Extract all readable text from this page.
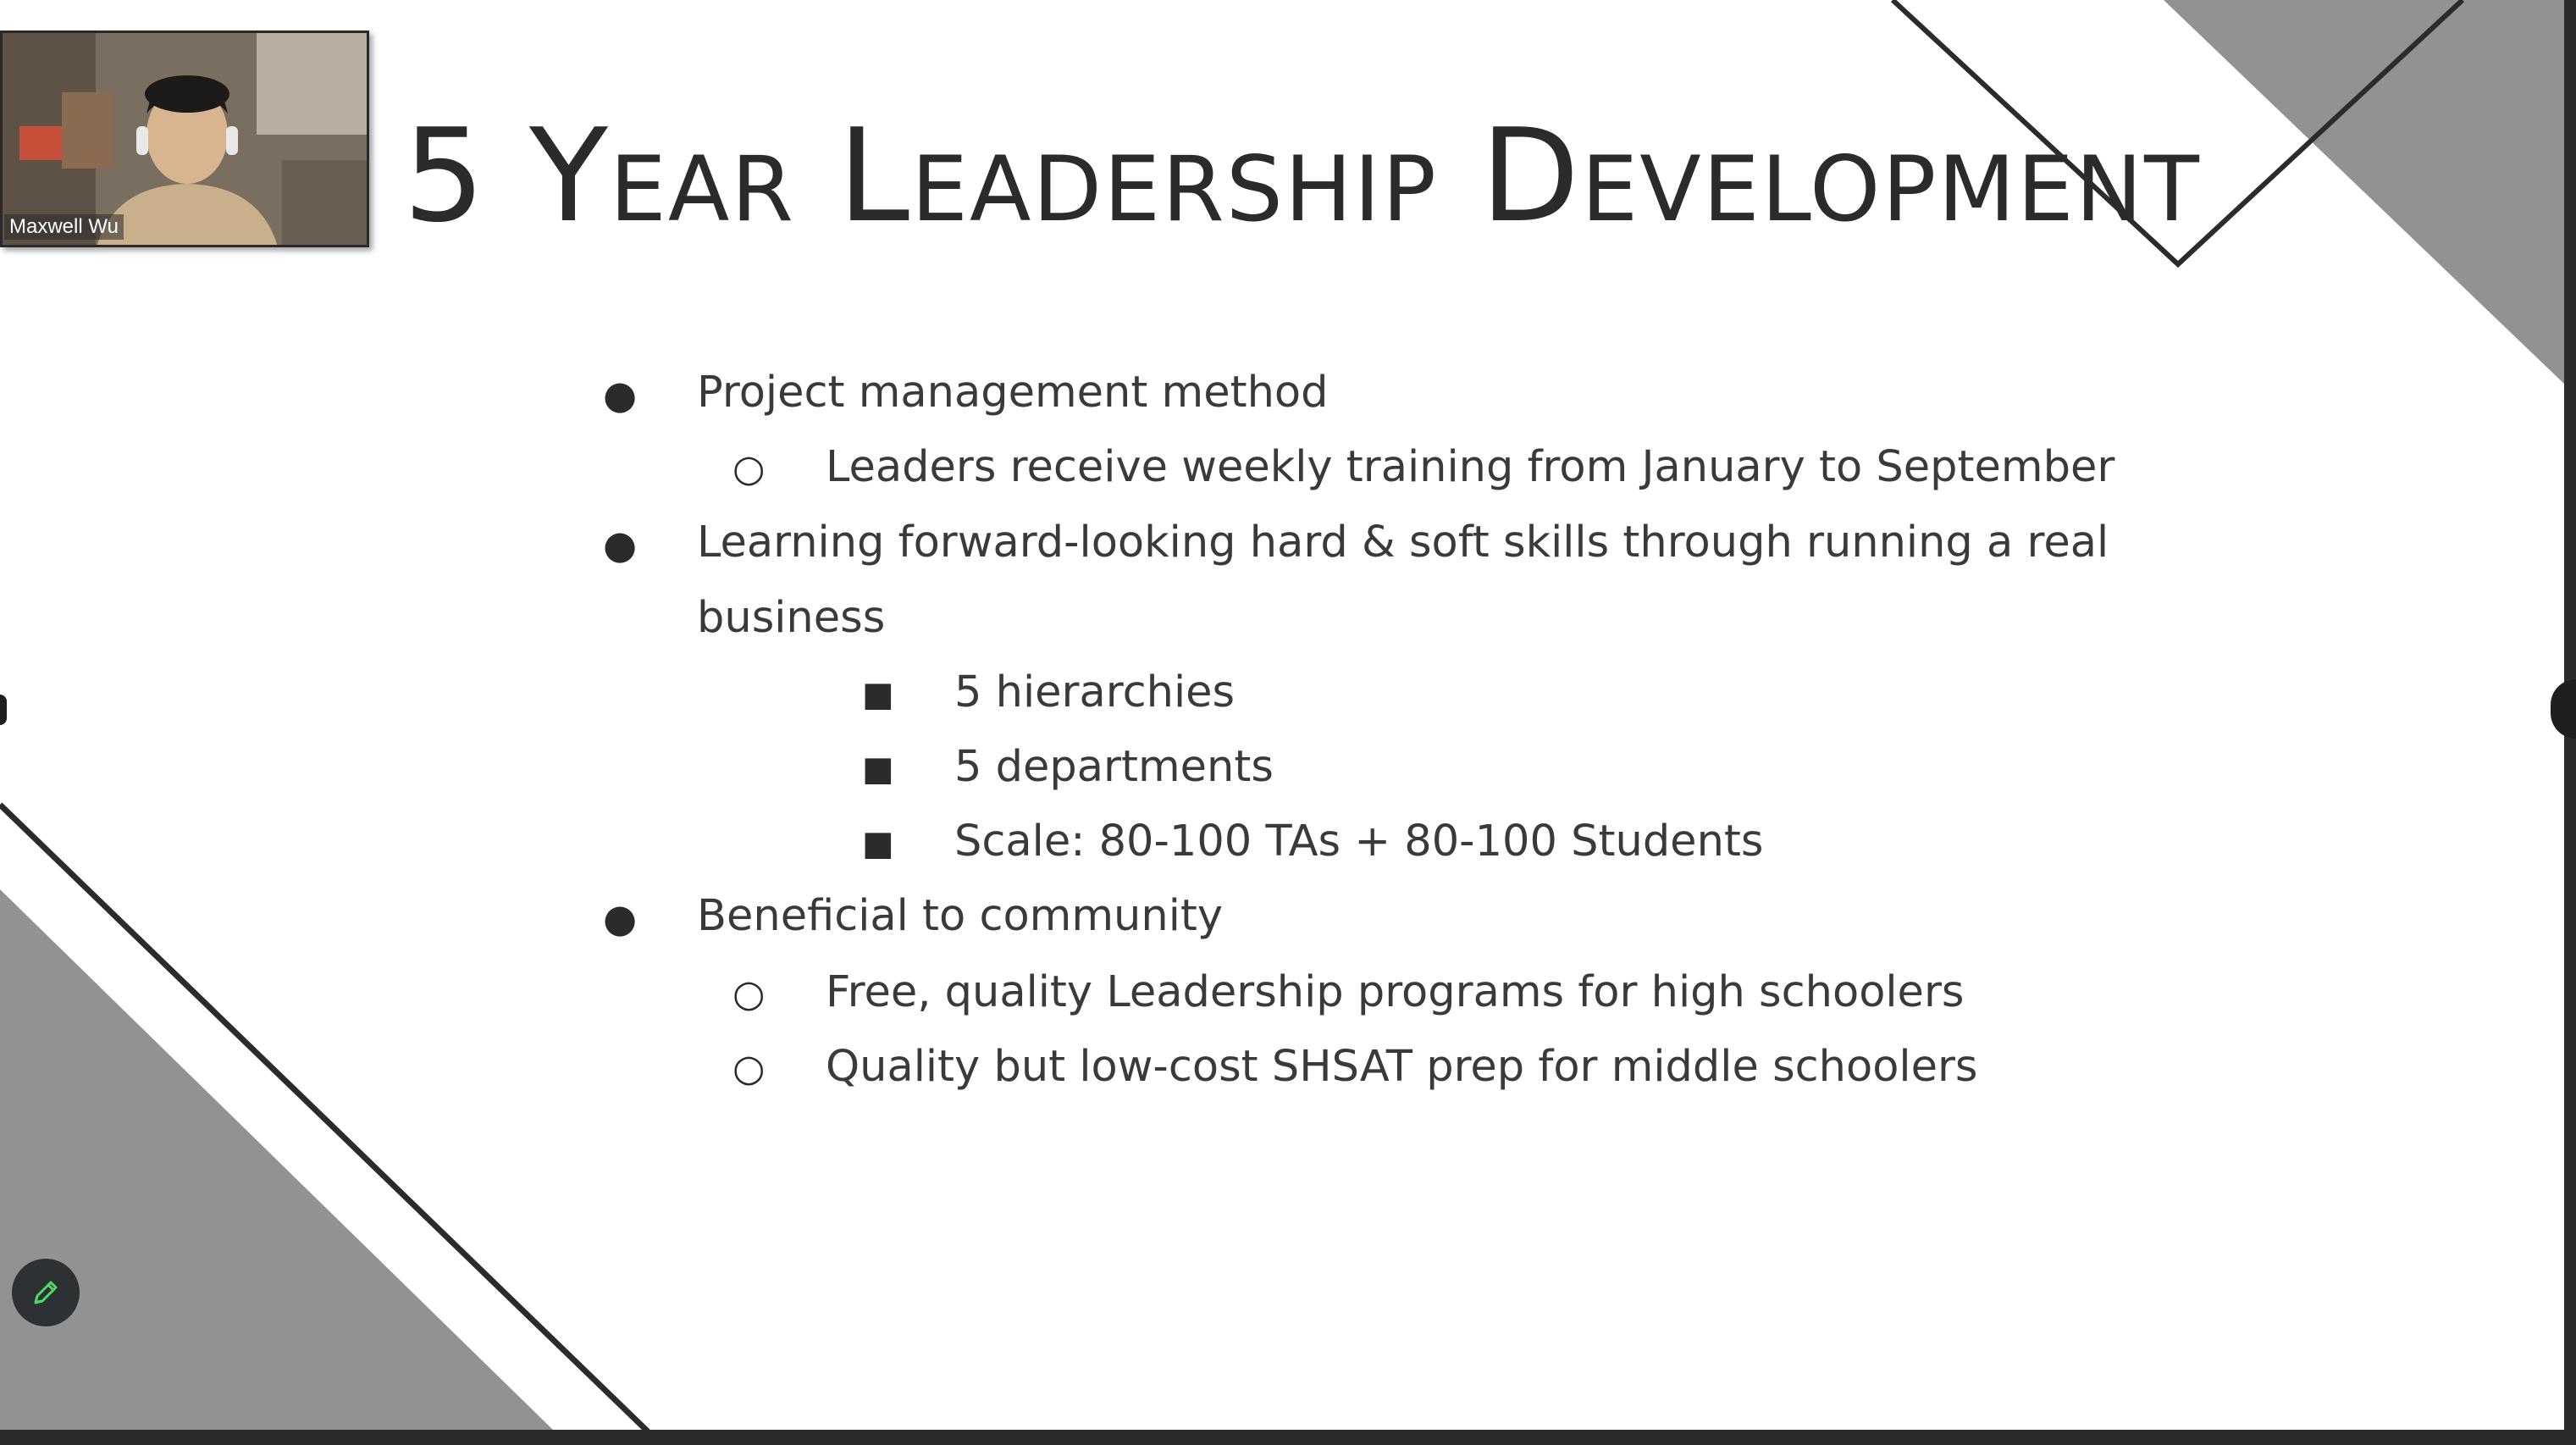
5 Year Leadership Development
● Project management method
○ Leaders receive weekly training from January to September
● Learning forward-looking hard & soft skills through running a real
business
■ 5 hierarchies
■ 5 departments
■ Scale: 80-100 TAs + 80-100 Students
● Beneficial to community
○ Free, quality Leadership programs for high schoolers
○ Quality but low-cost SHSAT prep for middle schoolers
Maxwell Wu
